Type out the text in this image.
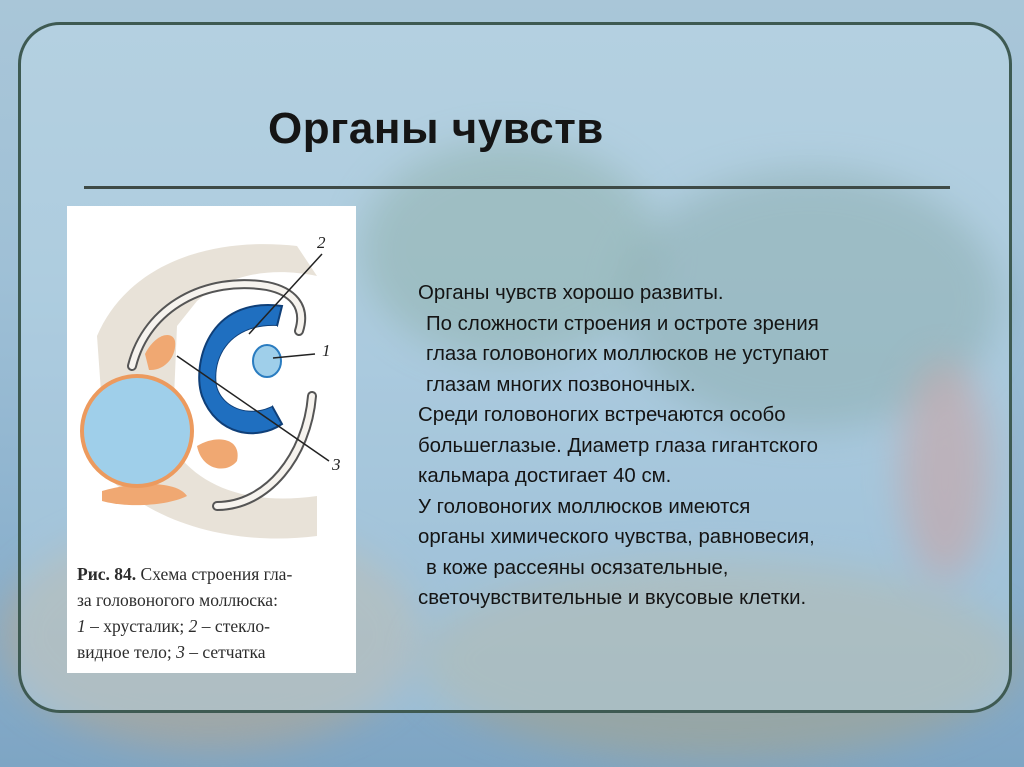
Органы чувств
2
1
3
Рис. 84. Схема строения гла-
за головоногого моллюска:
1 – хрусталик; 2 – стекло-
видное тело; 3 – сетчатка

Органы чувств хорошо развиты.

По сложности строения и остроте зрения

глаза головоногих моллюсков не уступают

глазам многих позвоночных.

Среди головоногих встречаются особо

большеглазые. Диаметр глаза гигантского

кальмара достигает 40 см.

У головоногих моллюсков имеются

органы химического чувства, равновесия,

в коже рассеяны осязательные,

светочувствительные и вкусовые клетки.
